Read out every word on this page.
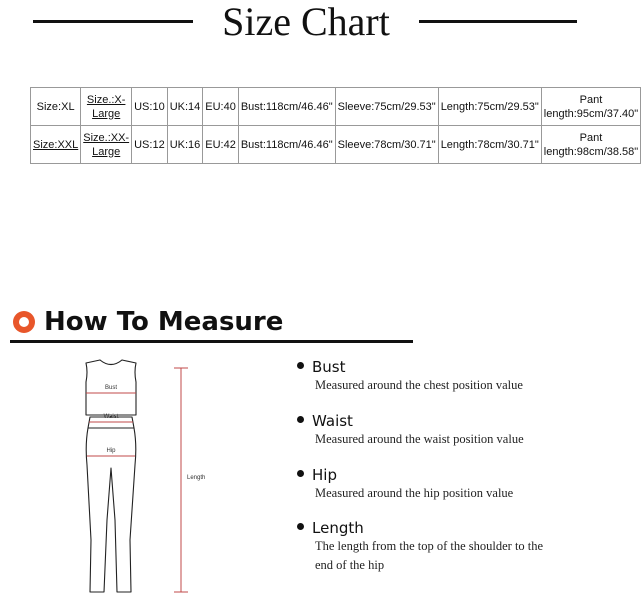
Size Chart
Size:XL	Size.:X-Large	US:10	UK:14	EU:40	Bust:118cm/46.46"	Sleeve:75cm/29.53"	Length:75cm/29.53"	Pant length:95cm/37.40"
Size:XXL	Size.:XX-Large	US:12	UK:16	EU:42	Bust:118cm/46.46"	Sleeve:78cm/30.71"	Length:78cm/30.71"	Pant length:98cm/38.58"
How To Measure
Bust
Waist
Hip
Length
Bust
Measured around the chest position value
Waist
Measured around the waist position value
Hip
Measured around the hip position value
Length
The length from the top of the shoulder to the end of the hip
